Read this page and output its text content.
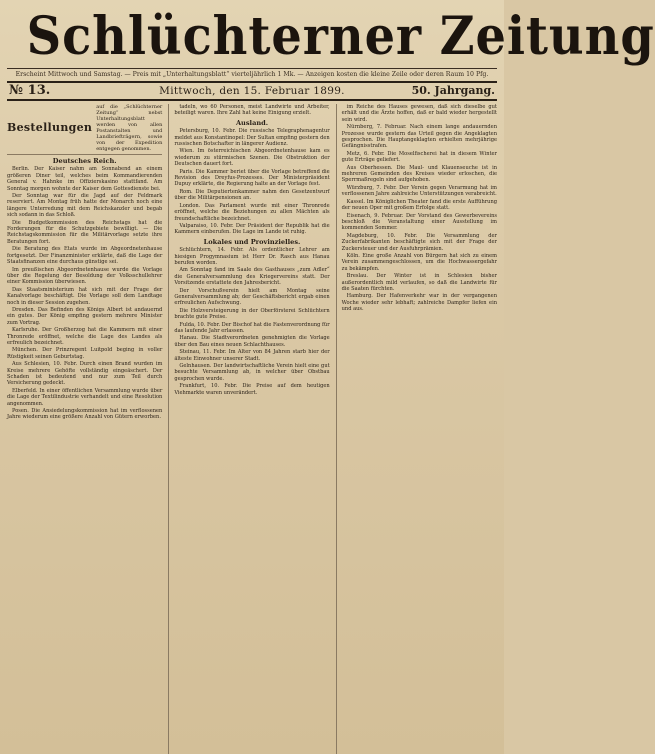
Schlüchterner Zeitung
Erscheint Mittwoch und Samstag. — Preis mit „Unterhaltungsblatt“ vierteljährlich 1 Mk. — Anzeigen kosten die kleine Zeile oder deren Raum 10 Pfg.
№ 13.	Mittwoch, den 15. Februar 1899.	50. Jahrgang.
Bestellungen
auf die „Schlüchterner Zeitung“ nebst Unterhaltungsblatt werden von allen Postanstalten und Landbriefträgern, sowie von der Expedition entgegen genommen.
Deutsches Reich.

Berlin. Der Kaiser nahm am Sonnabend an einem größeren Diner teil, welches beim Kommandierenden General v. Hahnke im Offizierskasino stattfand. Am Sonntag morgen wohnte der Kaiser dem Gottesdienste bei.

Der Sonntag war für die Jagd auf der Feldmark reserviert. Am Montag früh hatte der Monarch noch eine längere Unterredung mit dem Reichskanzler und begab sich sodann in das Schloß.

Die Budgetkommission des Reichstags hat die Forderungen für die Schutzgebiete bewilligt. — Die Reichstagskommission für die Militärvorlage setzte ihre Beratungen fort.

Die Beratung des Etats wurde im Abgeordnetenhause fortgesetzt. Der Finanzminister erklärte, daß die Lage der Staatsfinanzen eine durchaus günstige sei.

Im preußischen Abgeordnetenhause wurde die Vorlage über die Regelung der Besoldung der Volksschullehrer einer Kommission überwiesen.

Das Staatsministerium hat sich mit der Frage der Kanalvorlage beschäftigt. Die Vorlage soll dem Landtage noch in dieser Session zugehen.

Dresden. Das Befinden des Königs Albert ist andauernd ein gutes. Der König empfing gestern mehrere Minister zum Vortrag.

Karlsruhe. Der Großherzog hat die Kammern mit einer Thronrede eröffnet, welche die Lage des Landes als erfreulich bezeichnet.

München. Der Prinzregent Luitpold beging in voller Rüstigkeit seinen Geburtstag.

Aus Schlesien, 10. Febr. Durch einen Brand wurden im Kreise mehrere Gehöfte vollständig eingeäschert. Der Schaden ist bedeutend und nur zum Teil durch Versicherung gedeckt.

Elberfeld. In einer öffentlichen Versammlung wurde über die Lage der Textilindustrie verhandelt und eine Resolution angenommen.

Posen. Die Ansiedelungskommission hat im verflossenen Jahre wiederum eine größere Anzahl von Gütern erworben.

tadeln, wo 60 Personen, meist Landwirte und Arbeiter, beteiligt waren. Ihre Zahl hat keine Einigung erzielt.

Ausland.

Petersburg, 10. Febr. Die russische Telegraphenagentur meldet aus Konstantinopel: Der Sultan empfing gestern den russischen Botschafter in längerer Audienz.

Wien. Im österreichischen Abgeordnetenhause kam es wiederum zu stürmischen Szenen. Die Obstruktion der Deutschen dauert fort.

Paris. Die Kammer beriet über die Vorlage betreffend die Revision des Dreyfus-Prozesses. Der Ministerpräsident Dupuy erklärte, die Regierung halte an der Vorlage fest.

Rom. Die Deputiertenkammer nahm den Gesetzentwurf über die Militärpensionen an.

London. Das Parlament wurde mit einer Thronrede eröffnet, welche die Beziehungen zu allen Mächten als freundschaftliche bezeichnet.

Valparaiso, 10. Febr. Der Präsident der Republik hat die Kammern einberufen. Die Lage im Lande ist ruhig.

Lokales und Provinzielles.

Schlüchtern, 14. Febr. Als ordentlicher Lehrer am hiesigen Progymnasium ist Herr Dr. Rasch aus Hanau berufen worden.

Am Sonntag fand im Saale des Gasthauses „zum Adler“ die Generalversammlung des Kriegervereins statt. Der Vorsitzende erstattete den Jahresbericht.

Der Vorschußverein hielt am Montag seine Generalversammlung ab; der Geschäftsbericht ergab einen erfreulichen Aufschwung.

Die Holzversteigerung in der Oberförsterei Schlüchtern brachte gute Preise.

Fulda, 10. Febr. Der Bischof hat die Fastenverordnung für das laufende Jahr erlassen.

Hanau. Die Stadtverordneten genehmigten die Vorlage über den Bau eines neuen Schlachthauses.

Steinau, 11. Febr. Im Alter von 84 Jahren starb hier der älteste Einwohner unserer Stadt.

Gelnhausen. Der landwirtschaftliche Verein hielt eine gut besuchte Versammlung ab, in welcher über Obstbau gesprochen wurde.

Frankfurt, 10. Febr. Die Preise auf dem heutigen Viehmarkte waren unverändert.

im Reiche des Hauses gewesen, daß sich dieselbe gut erhält und die Ärzte hoffen, daß er bald wieder hergestellt sein wird.

Nürnberg, 7. Februar. Nach einem lange andauernden Prozesse wurde gestern das Urteil gegen die Angeklagten gesprochen. Die Hauptangeklagten erhielten mehrjährige Gefängnisstrafen.

Metz, 6. Febr. Die Moselfischerei hat in diesem Winter gute Erträge geliefert.

Aus Oberhessen. Die Maul- und Klauenseuche ist in mehreren Gemeinden des Kreises wieder erloschen, die Sperrmaßregeln sind aufgehoben.

Würzburg, 7. Febr. Der Verein gegen Verarmung hat im verflossenen Jahre zahlreiche Unterstützungen verabreicht.

Kassel. Im Königlichen Theater fand die erste Aufführung der neuen Oper mit großem Erfolge statt.

Eisenach, 9. Februar. Der Vorstand des Gewerbevereins beschloß die Veranstaltung einer Ausstellung im kommenden Sommer.

Magdeburg, 10. Febr. Die Versammlung der Zuckerfabrikanten beschäftigte sich mit der Frage der Zuckersteuer und der Ausfuhrprämien.

Köln. Eine große Anzahl von Bürgern hat sich zu einem Verein zusammengeschlossen, um die Hochwassergefahr zu bekämpfen.

Breslau. Der Winter ist in Schlesien bisher außerordentlich mild verlaufen, so daß die Landwirte für die Saaten fürchten.

Hamburg. Der Hafenverkehr war in der vergangenen Woche wieder sehr lebhaft; zahlreiche Dampfer liefen ein und aus.
